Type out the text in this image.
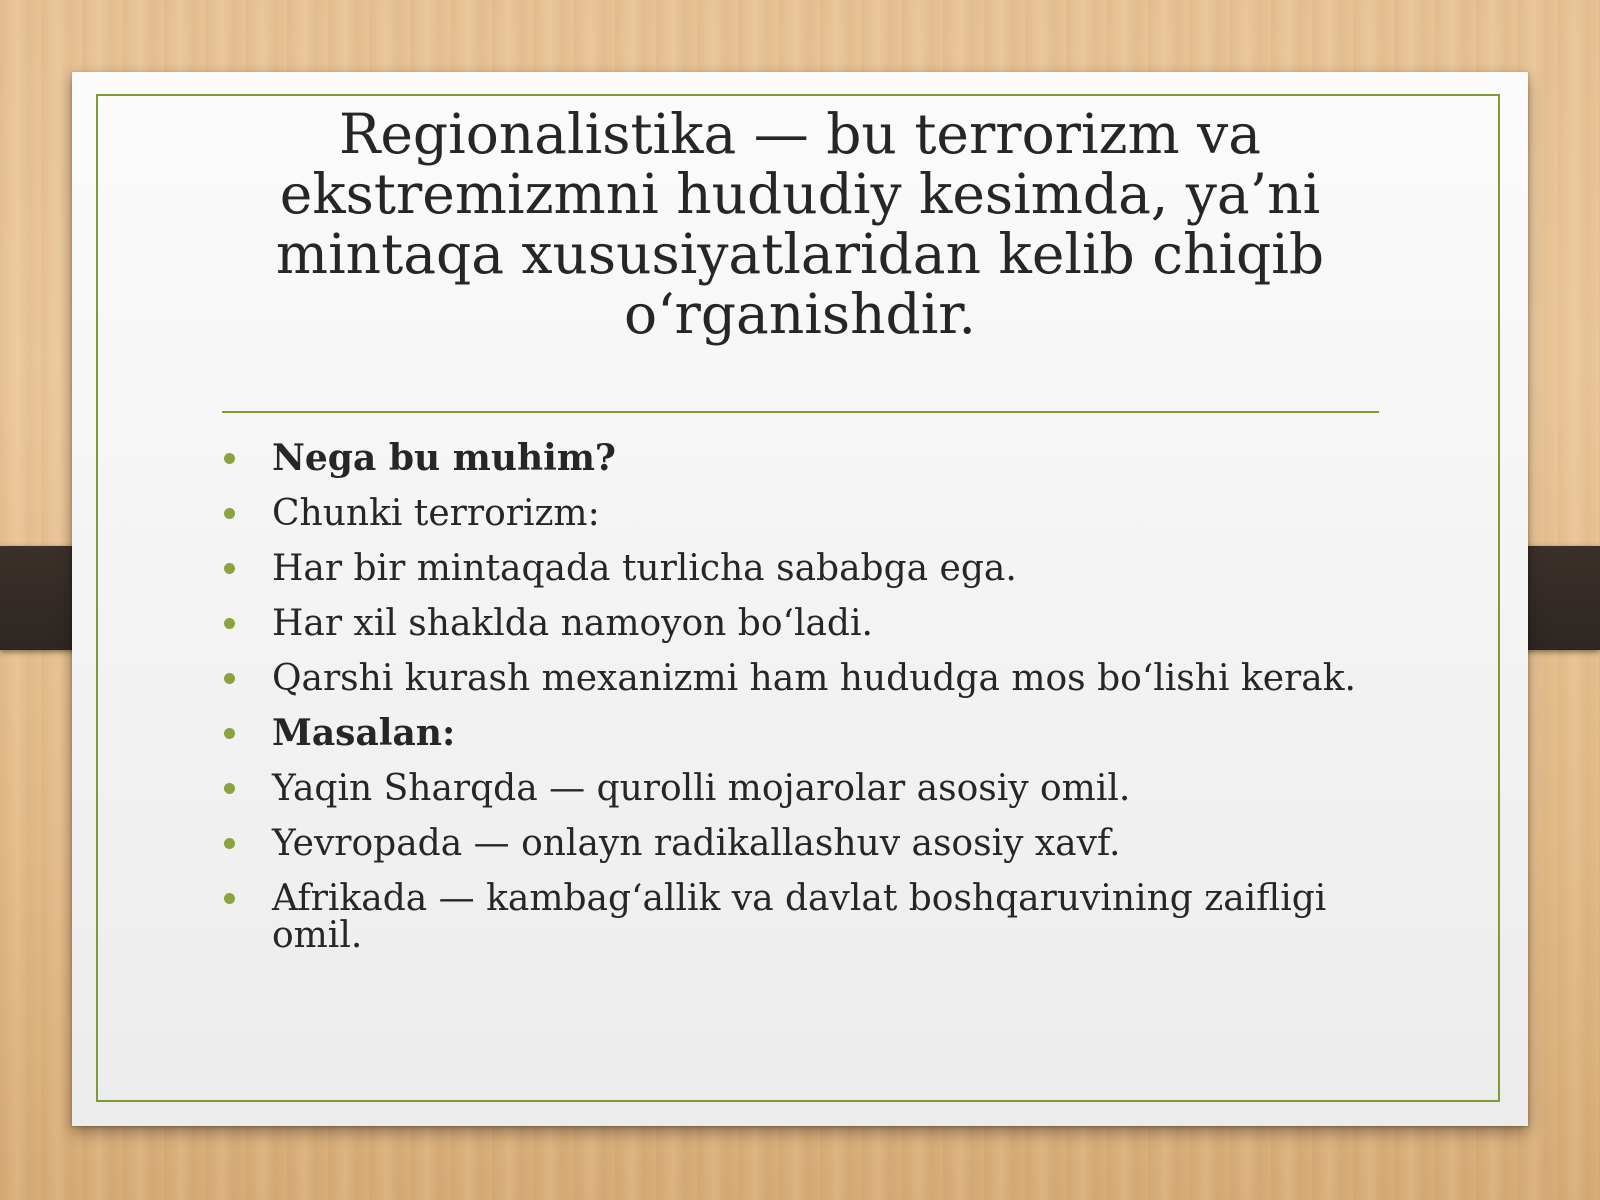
Regionalistika — bu terrorizm va ekstremizmni hududiy kesimda, ya’ni mintaqa xususiyatlaridan kelib chiqib o‘rganishdir.
Nega bu muhim?
Chunki terrorizm:
Har bir mintaqada turlicha sababga ega.
Har xil shaklda namoyon bo‘ladi.
Qarshi kurash mexanizmi ham hududga mos bo‘lishi kerak.
Masalan:
Yaqin Sharqda — qurolli mojarolar asosiy omil.
Yevropada — onlayn radikallashuv asosiy xavf.
Afrikada — kambag‘allik va davlat boshqaruvining zaifligi omil.
